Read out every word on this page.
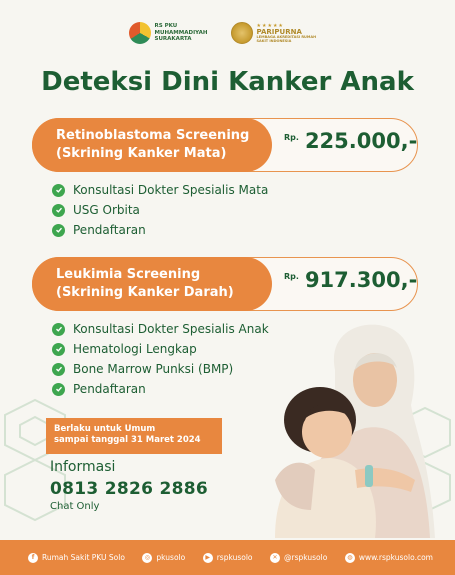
RS PKU MUHAMMADIYAH SURAKARTA
★★★★★
PARIPURNA
LEMBAGA AKREDITASI RUMAH SAKIT INDONESIA
Deteksi Dini Kanker Anak
Retinoblastoma Screening
(Skrining Kanker Mata)
Rp. 225.000,-
Konsultasi Dokter Spesialis Mata
USG Orbita
Pendaftaran
Leukimia Screening
(Skrining Kanker Darah)
Rp. 917.300,-
Konsultasi Dokter Spesialis Anak
Hematologi Lengkap
Bone Marrow Punksi (BMP)
Pendaftaran
Berlaku untuk Umum
sampai tanggal 31 Maret 2024
Informasi
0813 2826 2886
Chat Only
f	Rumah Sakit PKU Solo	◎ pkusolo	▶ rspkusolo	✕ @rspkusolo	◍ www.rspkusolo.com
